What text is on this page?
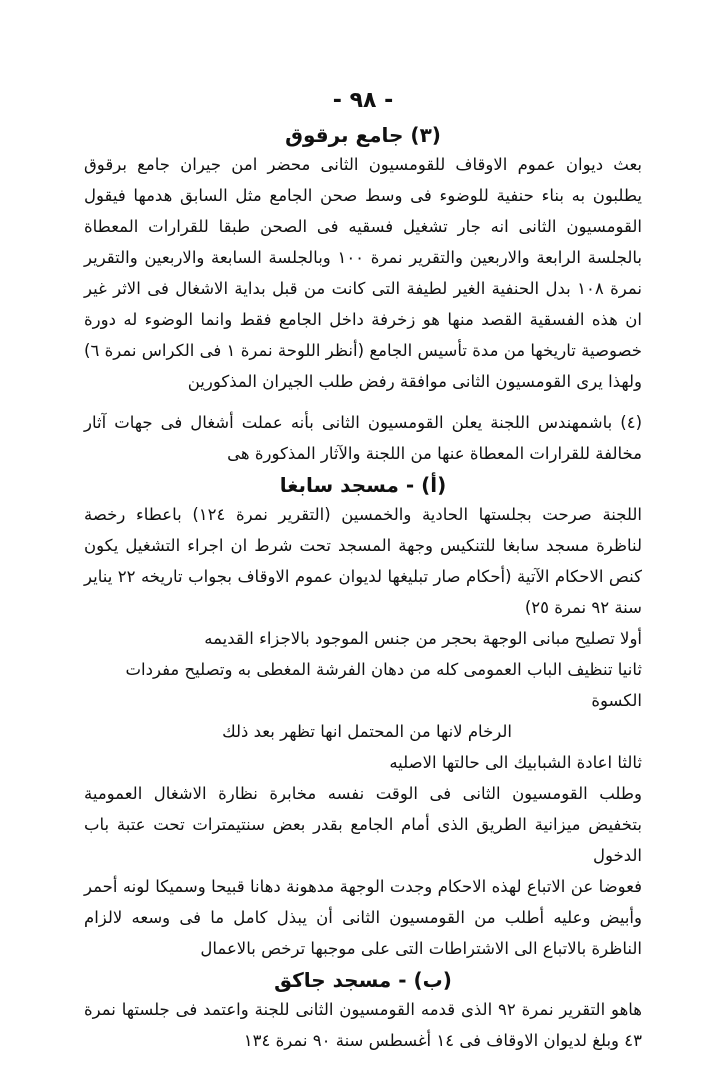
- ٩٨ -
(٣) جامع برقوق

بعث ديوان عموم الاوقاف للقومسيون الثانى محضر امن جيران جامع برقوق يطلبون به بناء حنفية للوضوء فى وسط صحن الجامع مثل السابق هدمها فيقول القومسيون الثانى انه جار تشغيل فسقيه فى الصحن طبقا للقرارات المعطاة بالجلسة الرابعة والاربعين والتقرير نمرة ١٠٠ وبالجلسة السابعة والاربعين والتقرير نمرة ١٠٨ بدل الحنفية الغير لطيفة التى كانت من قبل بداية الاشغال فى الاثر غير ان هذه الفسقية القصد منها هو زخرفة داخل الجامع فقط وانما الوضوء له دورة خصوصية تاريخها من مدة تأسيس الجامع (أنظر اللوحة نمرة ١ فى الكراس نمرة ٦) ولهذا يرى القومسيون الثانى موافقة رفض طلب الجيران المذكورين

(٤) باشمهندس اللجنة يعلن القومسيون الثانى بأنه عملت أشغال فى جهات آثار مخالفة للقرارات المعطاة عنها من اللجنة والآثار المذكورة هى

(أ) - مسجد سابغا

اللجنة صرحت بجلستها الحادية والخمسين (التقرير نمرة ١٢٤) باعطاء رخصة لناظرة مسجد سابغا للتنكيس وجهة المسجد تحت شرط ان اجراء التشغيل يكون كنص الاحكام الآتية (أحكام صار تبليغها لديوان عموم الاوقاف بجواب تاريخه ٢٢ يناير سنة ٩٢ نمرة ٢٥)

أولا تصليح مبانى الوجهة بحجر من جنس الموجود بالاجزاء القديمه

ثانيا تنظيف الباب العمومى كله من دهان الفرشة المغطى به وتصليح مفردات الكسوة

الرخام لانها من المحتمل انها تظهر بعد ذلك

ثالثا اعادة الشبابيك الى حالتها الاصليه

وطلب القومسيون الثانى فى الوقت نفسه مخابرة نظارة الاشغال العمومية بتخفيض ميزانية الطريق الذى أمام الجامع بقدر بعض سنتيمترات تحت عتبة باب الدخول

فعوضا عن الاتباع لهذه الاحكام وجدت الوجهة مدهونة دهانا قبيحا وسميكا لونه أحمر وأبيض وعليه أطلب من القومسيون الثانى أن يبذل كامل ما فى وسعه لالزام الناظرة بالاتباع الى الاشتراطات التى على موجبها ترخص بالاعمال

(ب) - مسجد جاكق

هاهو التقرير نمرة ٩٢ الذى قدمه القومسيون الثانى للجنة واعتمد فى جلستها نمرة ٤٣ وبلغ لديوان الاوقاف فى ١٤ أغسطس سنة ٩٠ نمرة ١٣٤
